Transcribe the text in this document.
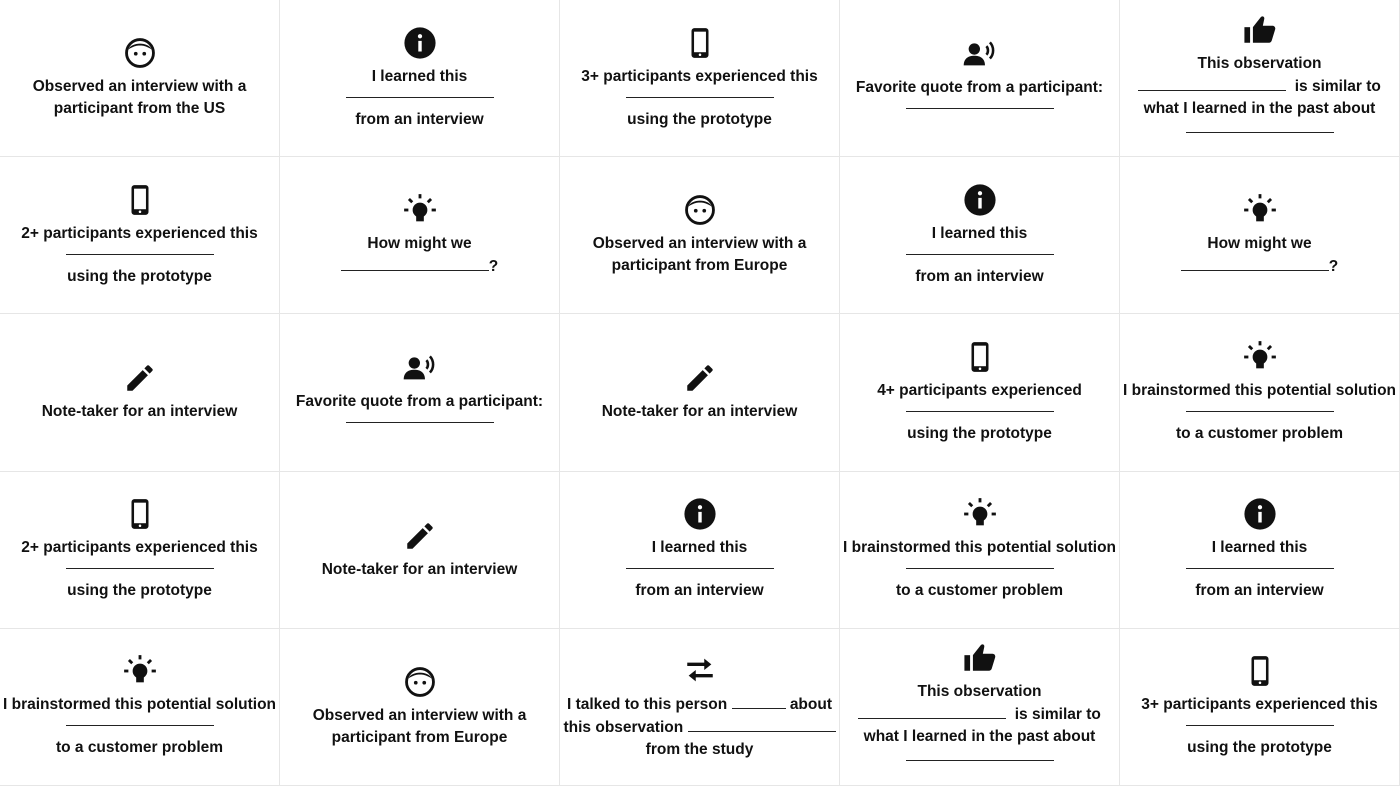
Observed an interview with a
participant from the US
I learned this
from an interview
3+ participants experienced this
using the prototype
Favorite quote from a participant:
This observation
is similar to
what I learned in the past about
2+ participants experienced this
using the prototype
How might we
?
Observed an interview with a
participant from Europe
I learned this
from an interview
How might we
?
Note-taker for an interview
Favorite quote from a participant:
Note-taker for an interview
4+ participants experienced
using the prototype
I brainstormed this potential solution
to a customer problem
2+ participants experienced this
using the prototype
Note-taker for an interview
I learned this
from an interview
I brainstormed this potential solution
to a customer problem
I learned this
from an interview
I brainstormed this potential solution
to a customer problem
Observed an interview with a
participant from Europe
I talked to this person	about
this observation
from the study
This observation
is similar to
what I learned in the past about
3+ participants experienced this
using the prototype
